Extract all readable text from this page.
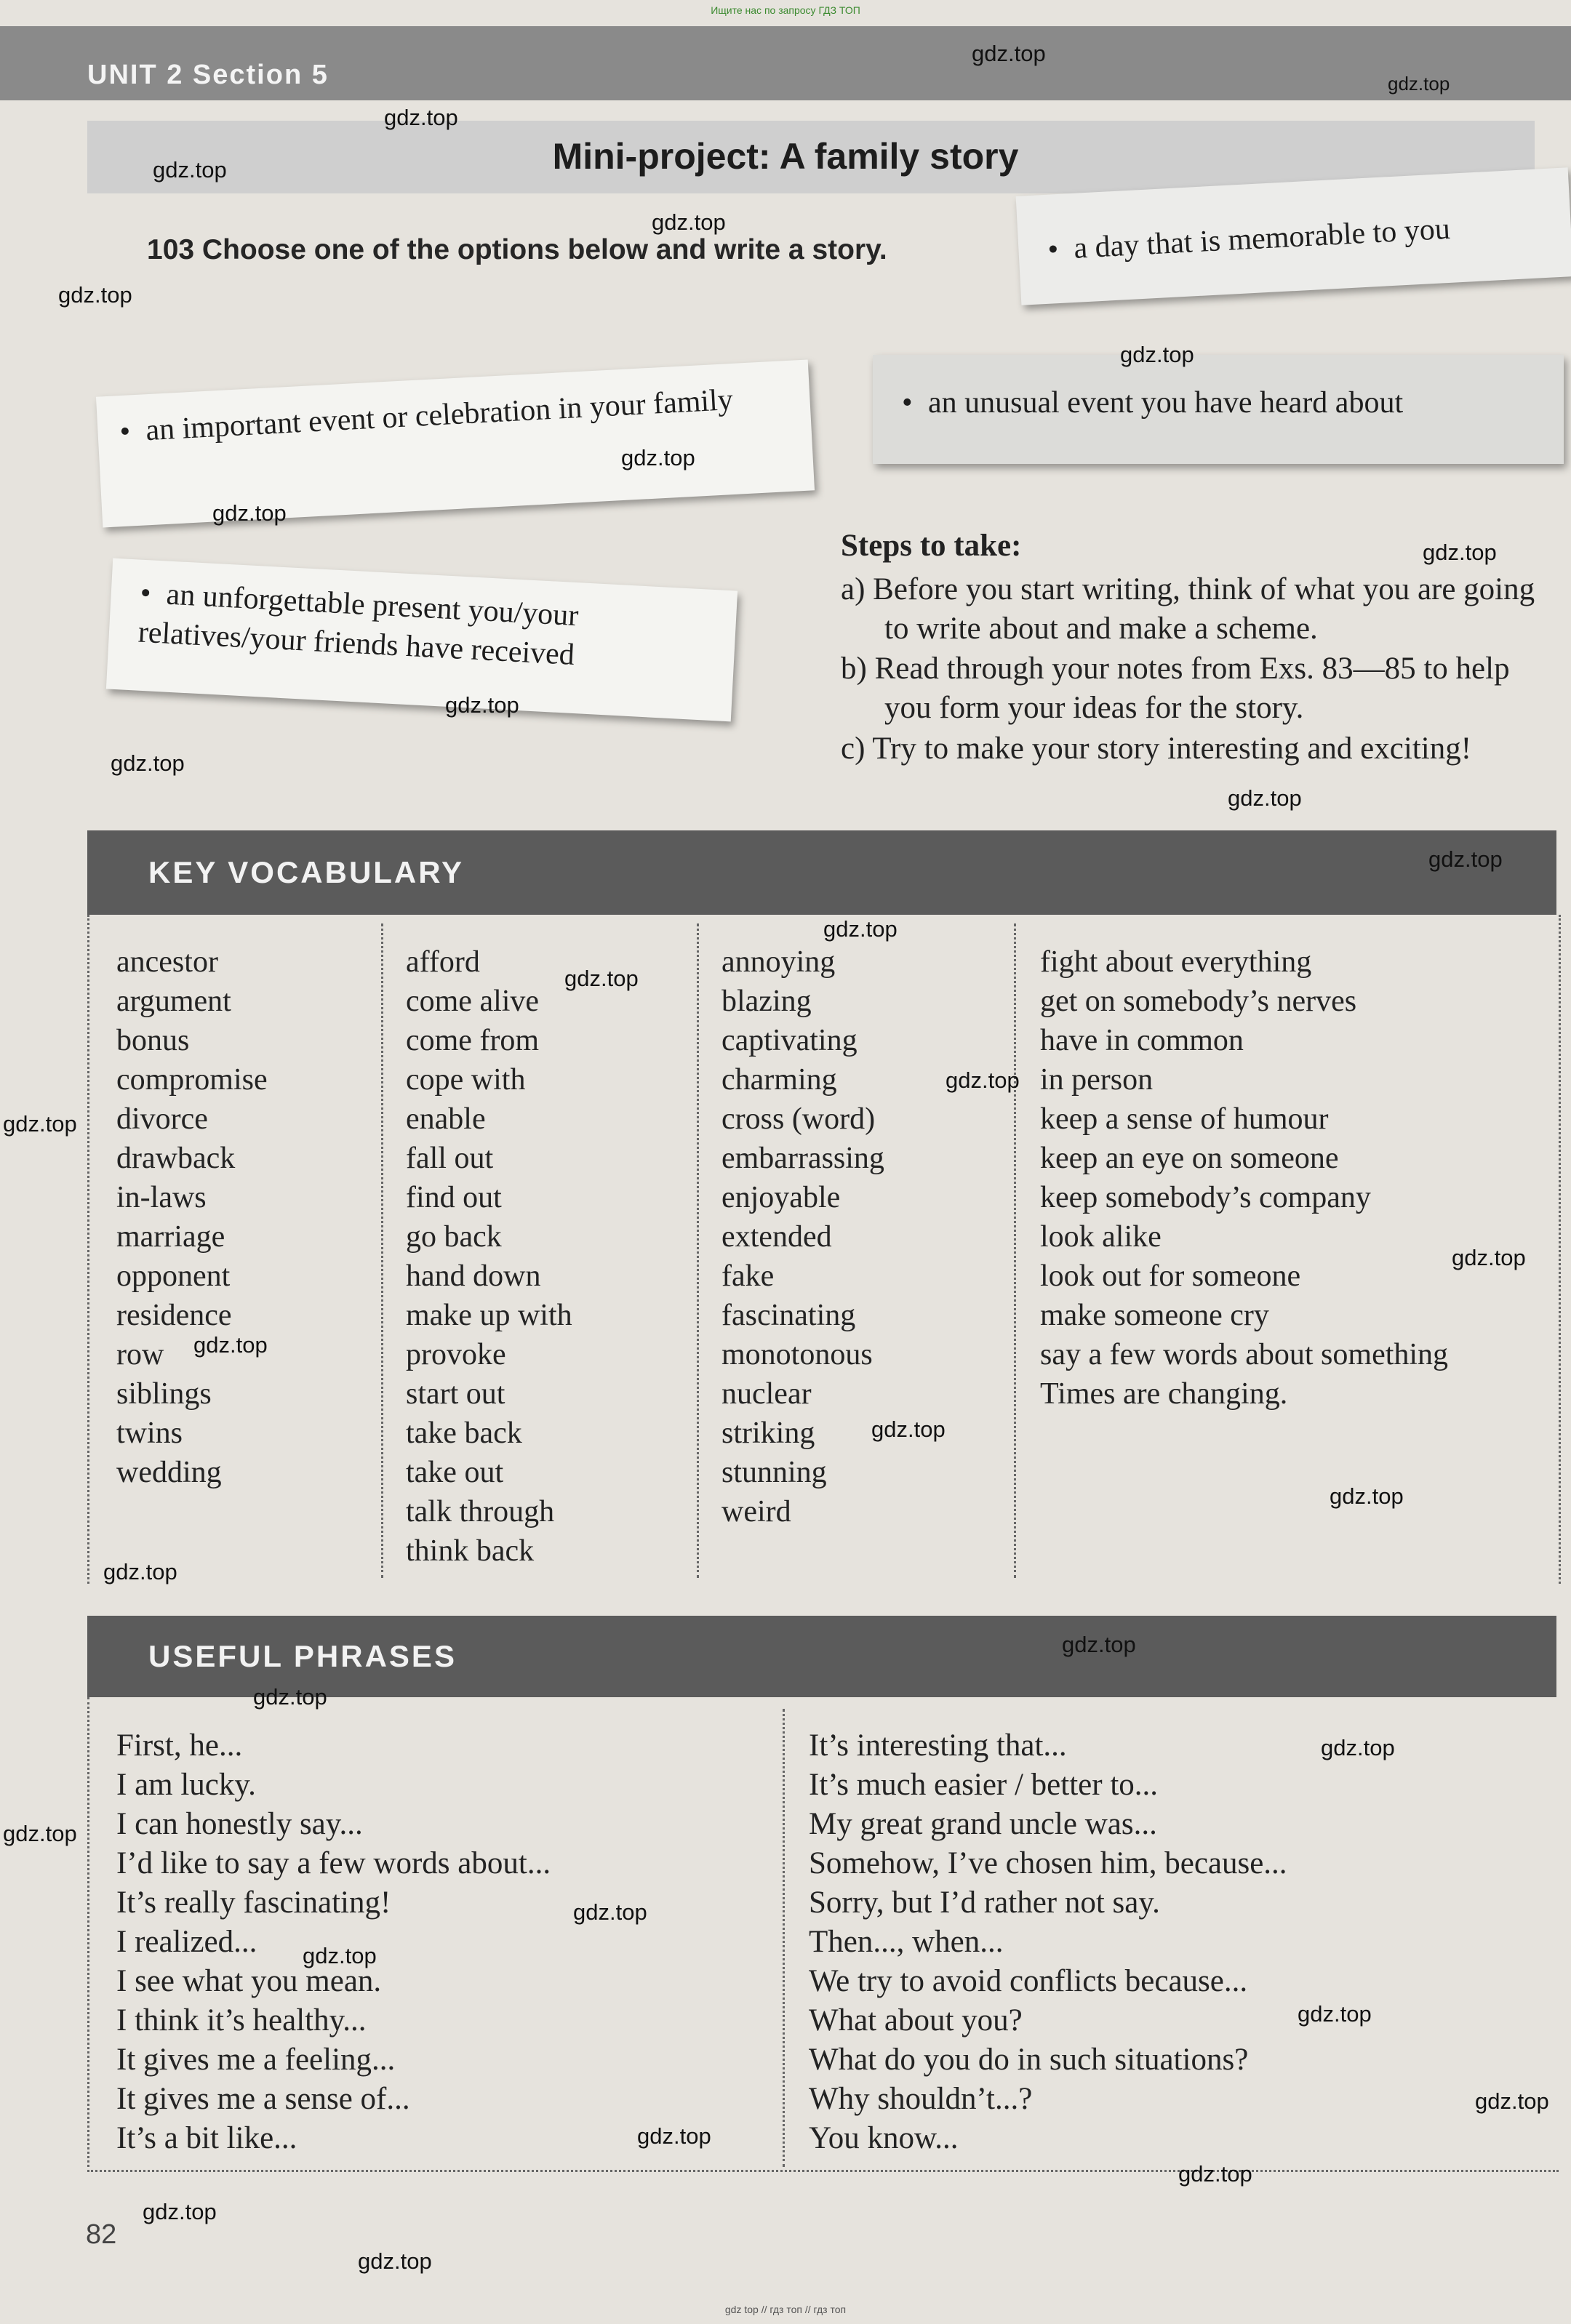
Ищите нас по запросу ГДЗ ТОП
UNIT 2 Section 5
Mini-project: A family story
103 Choose one of the options below and write a story.
• an important event or celebration in your family
• an unforgettable present you/your relatives/your friends have received
• a day that is memorable to you
• an unusual event you have heard about
Steps to take:
a) Before you start writing, think of what you are going to write about and make a scheme.
b) Read through your notes from Exs. 83—85 to help you form your ideas for the story.
c) Try to make your story interesting and exciting!
KEY VOCABULARY
ancestor
argument
bonus
compromise
divorce
drawback
in-laws
marriage
opponent
residence
row
siblings
twins
wedding
afford
come alive
come from
cope with
enable
fall out
find out
go back
hand down
make up with
provoke
start out
take back
take out
talk through
think back
annoying
blazing
captivating
charming
cross (word)
embarrassing
enjoyable
extended
fake
fascinating
monotonous
nuclear
striking
stunning
weird
fight about everything
get on somebody’s nerves
have in common
in person
keep a sense of humour
keep an eye on someone
keep somebody’s company
look alike
look out for someone
make someone cry
say a few words about something
Times are changing.
USEFUL PHRASES
First, he...
I am lucky.
I can honestly say...
I’d like to say a few words about...
It’s really fascinating!
I realized...
I see what you mean.
I think it’s healthy...
It gives me a feeling...
It gives me a sense of...
It’s a bit like...
It’s interesting that...
It’s much easier / better to...
My great grand uncle was...
Somehow, I’ve chosen him, because...
Sorry, but I’d rather not say.
Then..., when...
We try to avoid conflicts because...
What about you?
What do you do in such situations?
Why shouldn’t...?
You know...
82
gdz.top
gdz.top
gdz.top
gdz.top
gdz.top
gdz.top
gdz.top
gdz.top
gdz.top
gdz.top
gdz.top
gdz.top
gdz.top
gdz.top
gdz.top
gdz.top
gdz.top
gdz.top
gdz.top
gdz.top
gdz.top
gdz.top
gdz.top
gdz.top
gdz.top
gdz.top
gdz.top
gdz.top
gdz.top
gdz.top
gdz.top
gdz.top
gdz.top
gdz.top
gdz.top
gdz top // гдз топ // гдз топ
